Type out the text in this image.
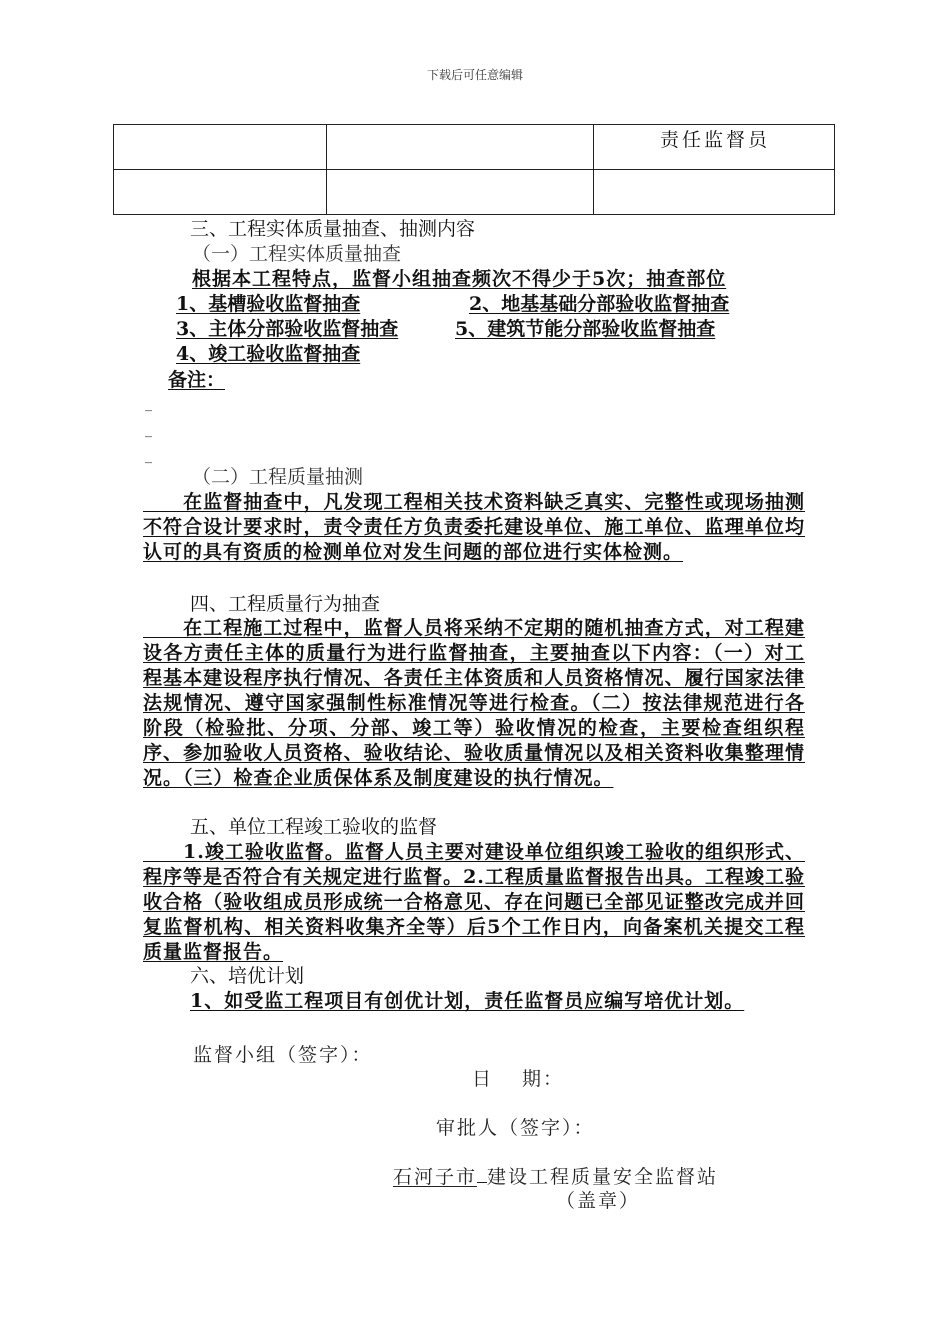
下载后可任意编辑

		责任监督员

三、工程实体质量抽查、抽测内容
（一）工程实体质量抽查
根据本工程特点，监督小组抽查频次不得少于5次；抽查部位
1、基槽验收监督抽查	2、地基基础分部验收监督抽查
3、主体分部验收监督抽查	5、建筑节能分部验收监督抽查
4、竣工验收监督抽查
备注：
_
_
_
（二）工程质量抽测
　　在监督抽查中，凡发现工程相关技术资料缺乏真实、完整性或现场抽测不符合设计要求时，责令责任方负责委托建设单位、施工单位、监理单位均认可的具有资质的检测单位对发生问题的部位进行实体检测。
四、工程质量行为抽查
　　在工程施工过程中，监督人员将采纳不定期的随机抽查方式，对工程建设各方责任主体的质量行为进行监督抽查，主要抽查以下内容：（一）对工程基本建设程序执行情况、各责任主体资质和人员资格情况、履行国家法律法规情况、遵守国家强制性标准情况等进行检查。（二）按法律规范进行各阶段（检验批、分项、分部、竣工等）验收情况的检查，主要检查组织程序、参加验收人员资格、验收结论、验收质量情况以及相关资料收集整理情况。（三）检查企业质保体系及制度建设的执行情况。
五、单位工程竣工验收的监督
　　1.竣工验收监督。监督人员主要对建设单位组织竣工验收的组织形式、程序等是否符合有关规定进行监督。2.工程质量监督报告出具。工程竣工验收合格（验收组成员形成统一合格意见、存在问题已全部见证整改完成并回复监督机构、相关资料收集齐全等）后5个工作日内，向备案机关提交工程质量监督报告。
六、培优计划
1、如受监工程项目有创优计划，责任监督员应编写培优计划。
监督小组（签字）：
日　 期：
审批人（签字）：
石河子市 建设工程质量安全监督站
（盖章）
